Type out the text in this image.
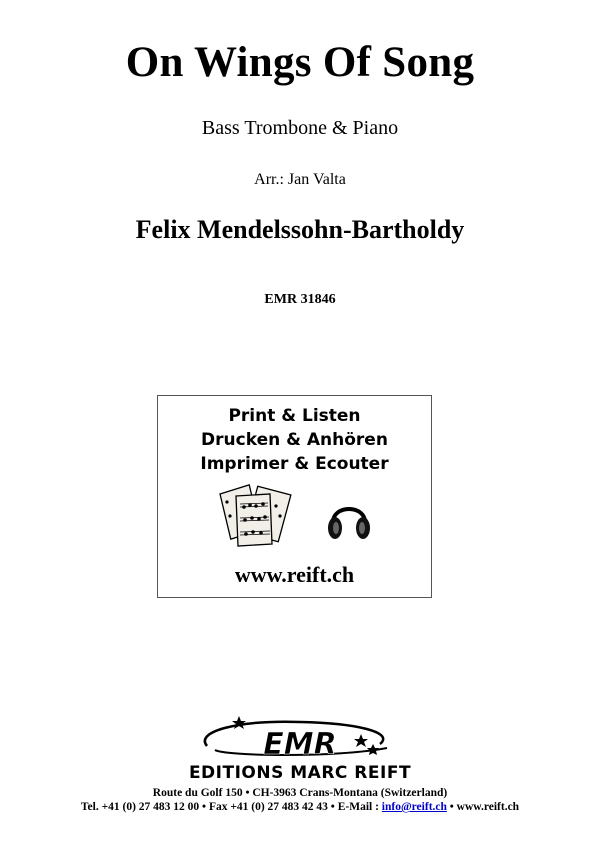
On Wings Of Song
Bass Trombone & Piano
Arr.: Jan Valta
Felix Mendelssohn-Bartholdy
EMR 31846
Print & Listen
Drucken & Anhören
Imprimer & Ecouter
www.reift.ch
EMR
EDITIONS MARC REIFT
Route du Golf 150 • CH-3963 Crans-Montana (Switzerland)
Tel. +41 (0) 27 483 12 00 • Fax +41 (0) 27 483 42 43 • E-Mail : info@reift.ch • www.reift.ch
